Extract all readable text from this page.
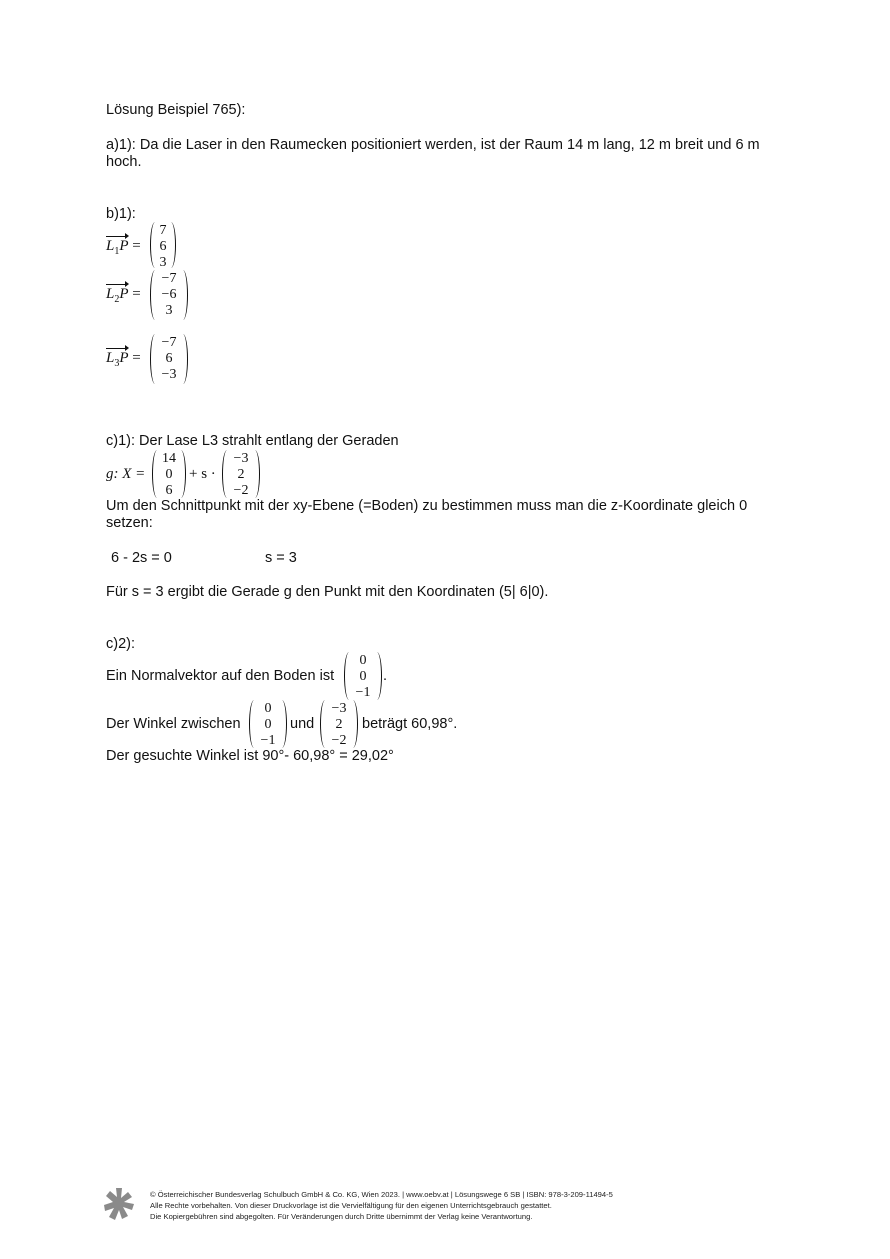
Lösung Beispiel 765):
a)1): Da die Laser in den Raumecken positioniert werden, ist der Raum 14 m lang, 12 m breit und 6 m hoch.
b)1):
$L_1P$ =
7
6
3
$L_2P$ =
−7
−6
3
$L_3P$ =
−7
6
−3
c)1): Der Lase L3 strahlt entlang der Geraden
g: X =
14
0
6
+ s ·
−3
2
−2
Um den Schnittpunkt mit der xy-Ebene (=Boden) zu bestimmen muss man die z-Koordinate gleich 0 setzen:
6 - 2s = 0	s = 3
Für s = 3 ergibt die Gerade g den Punkt mit den Koordinaten (5| 6|0).
c)2):
Ein Normalvektor auf den Boden ist
0
0
−1
.
Der Winkel zwischen
0
0
−1
und
−3
2
−2
beträgt 60,98°.
Der gesuchte Winkel ist 90°- 60,98° = 29,02°
© Österreichischer Bundesverlag Schulbuch GmbH & Co. KG, Wien 2023. | www.oebv.at | Lösungswege 6 SB | ISBN: 978-3-209-11494-5
Alle Rechte vorbehalten. Von dieser Druckvorlage ist die Vervielfältigung für den eigenen Unterrichtsgebrauch gestattet.
Die Kopiergebühren sind abgegolten. Für Veränderungen durch Dritte übernimmt der Verlag keine Verantwortung.
